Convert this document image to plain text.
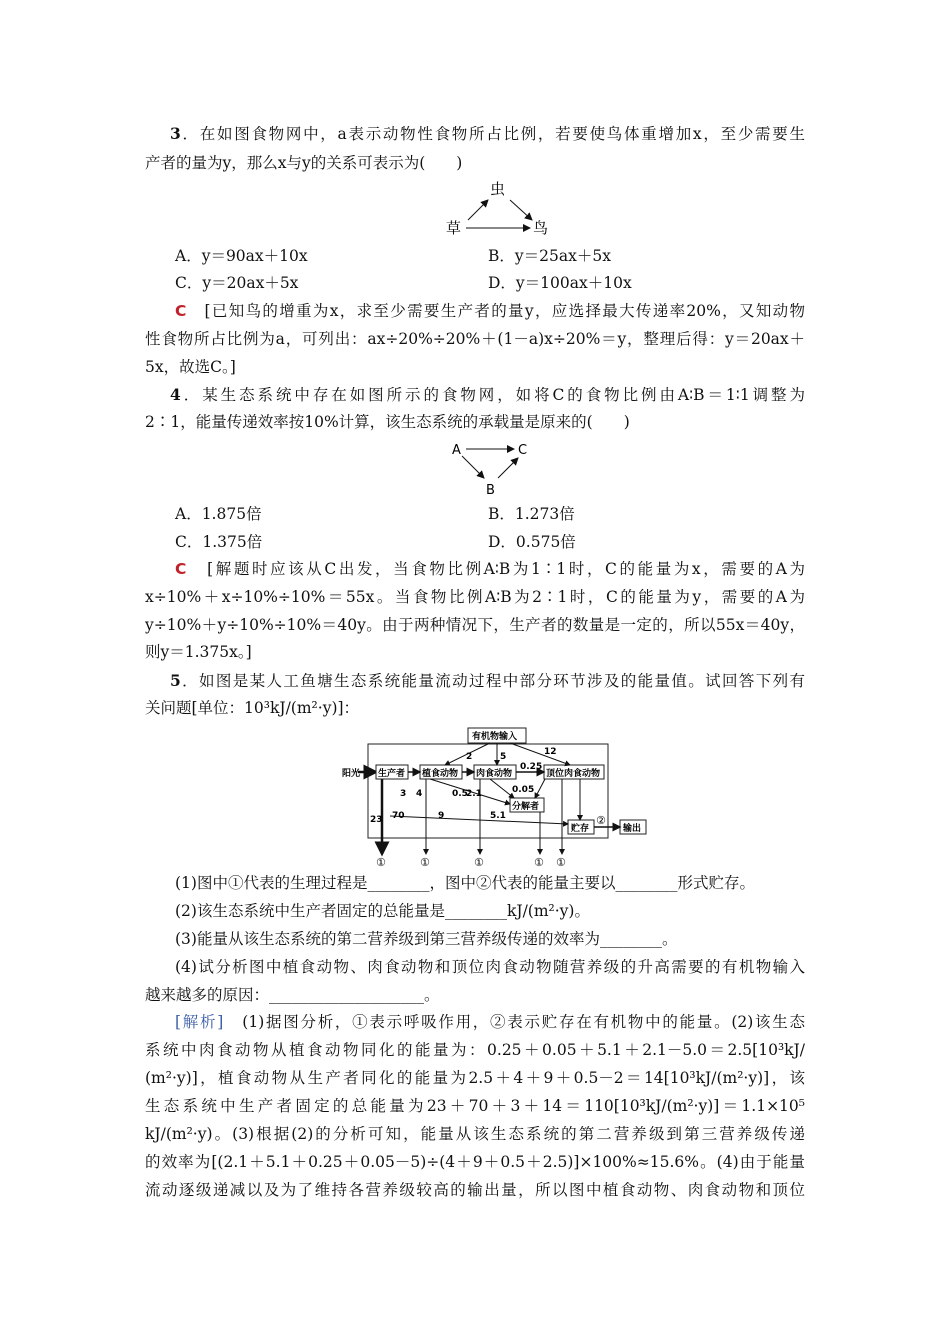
3．在如图食物网中，a表示动物性食物所占比例，若要使鸟体重增加x，至少需要生
产者的量为y，那么x与y的关系可表示为(　　)
虫
草	鸟
A．y＝90ax＋10x	B．y＝25ax＋5x
C．y＝20ax＋5x	D．y＝100ax＋10x
C　 [已知鸟的增重为x，求至少需要生产者的量y，应选择最大传递率20%，又知动物
性食物所占比例为a，可列出：ax÷20%÷20%＋(1－a)x÷20%＝y，整理后得：y＝20ax＋
5x，故选C。]
4．某生态系统中存在如图所示的食物网，如将C的食物比例由A∶B＝1∶1调整为
2∶1，能量传递效率按10%计算，该生态系统的承载量是原来的(　　)
A	C
B
A．1.875倍	B．1.273倍
C．1.375倍	D．0.575倍
C　 [解题时应该从C出发，当食物比例A∶B为1∶1时，C的能量为x，需要的A为
x÷10%＋x÷10%÷10%＝55x。当食物比例A∶B为2∶1时，C的能量为y，需要的A为
y÷10%＋y÷10%÷10%＝40y。由于两种情况下，生产者的数量是一定的，所以55x＝40y，
则y＝1.375x。]
5．如图是某人工鱼塘生态系统能量流动过程中部分环节涉及的能量值。试回答下列有
关问题[单位：10³kJ/(m²·y)]：
有机物输入
阳光 生产者 植食动物 肉食动物	顶位肉食动物
分解者
贮存	输出
2	5	12
0.25
0.05
3 4	0.5
2.1
9	5.1
70
23	②
①	①	①	① ①
(1)图中①代表的生理过程是________，图中②代表的能量主要以________形式贮存。
(2)该生态系统中生产者固定的总能量是________kJ/(m²·y)。
(3)能量从该生态系统的第二营养级到第三营养级传递的效率为________。
(4)试分析图中植食动物、肉食动物和顶位肉食动物随营养级的升高需要的有机物输入
越来越多的原因：____________________。
[解析]　 (1)据图分析，①表示呼吸作用，②表示贮存在有机物中的能量。(2)该生态
系统中肉食动物从植食动物同化的能量为：0.25＋0.05＋5.1＋2.1－5.0＝2.5[10³kJ/
(m²·y)]，植食动物从生产者同化的能量为2.5＋4＋9＋0.5－2＝14[10³kJ/(m²·y)]，该
生态系统中生产者固定的总能量为23＋70＋3＋14＝110[10³kJ/(m²·y)]＝1.1×10⁵
kJ/(m²·y)。(3)根据(2)的分析可知，能量从该生态系统的第二营养级到第三营养级传递
的效率为[(2.1＋5.1＋0.25＋0.05－5)÷(4＋9＋0.5＋2.5)]×100%≈15.6%。(4)由于能量
流动逐级递减以及为了维持各营养级较高的输出量，所以图中植食动物、肉食动物和顶位
